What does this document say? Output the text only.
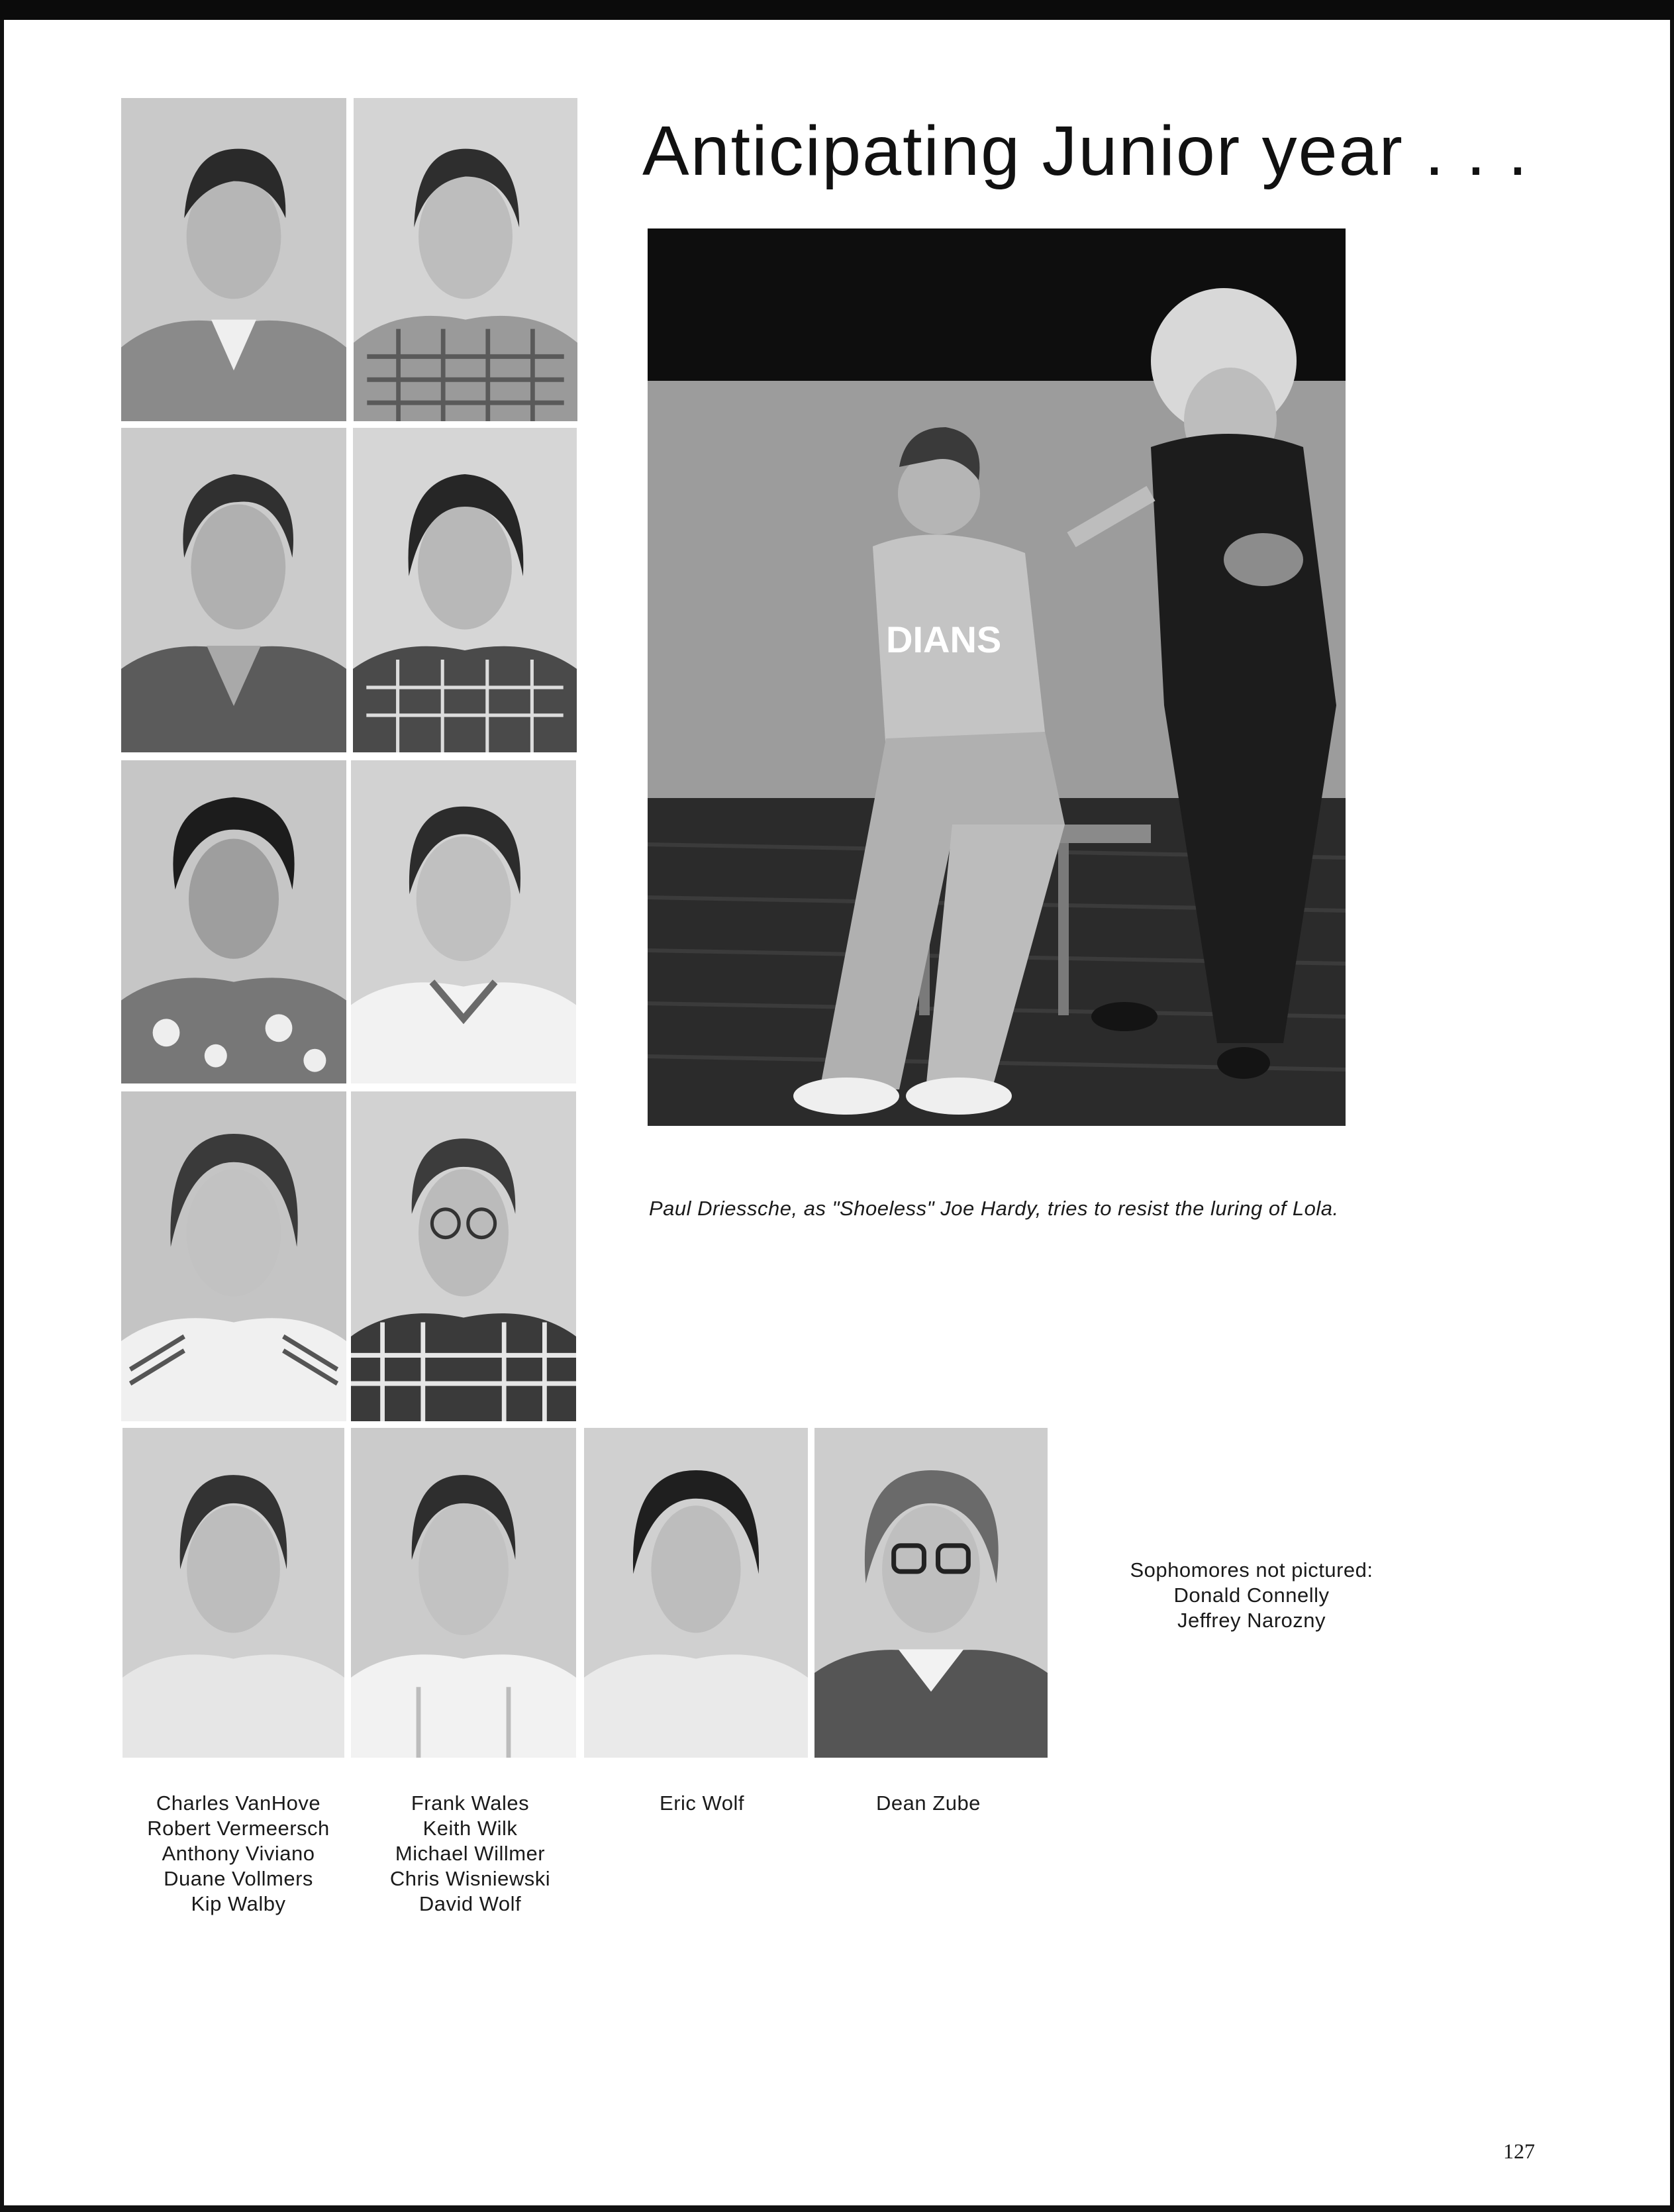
Anticipating Junior year . . .
DIANS
Paul Driessche, as "Shoeless" Joe Hardy, tries to resist the luring of Lola.
Sophomores not pictured:
Donald Connelly
Jeffrey Narozny
Charles VanHove
Robert Vermeersch
Anthony Viviano
Duane Vollmers
Kip Walby
Frank Wales
Keith Wilk
Michael Willmer
Chris Wisniewski
David Wolf
Eric Wolf	Dean Zube
127
